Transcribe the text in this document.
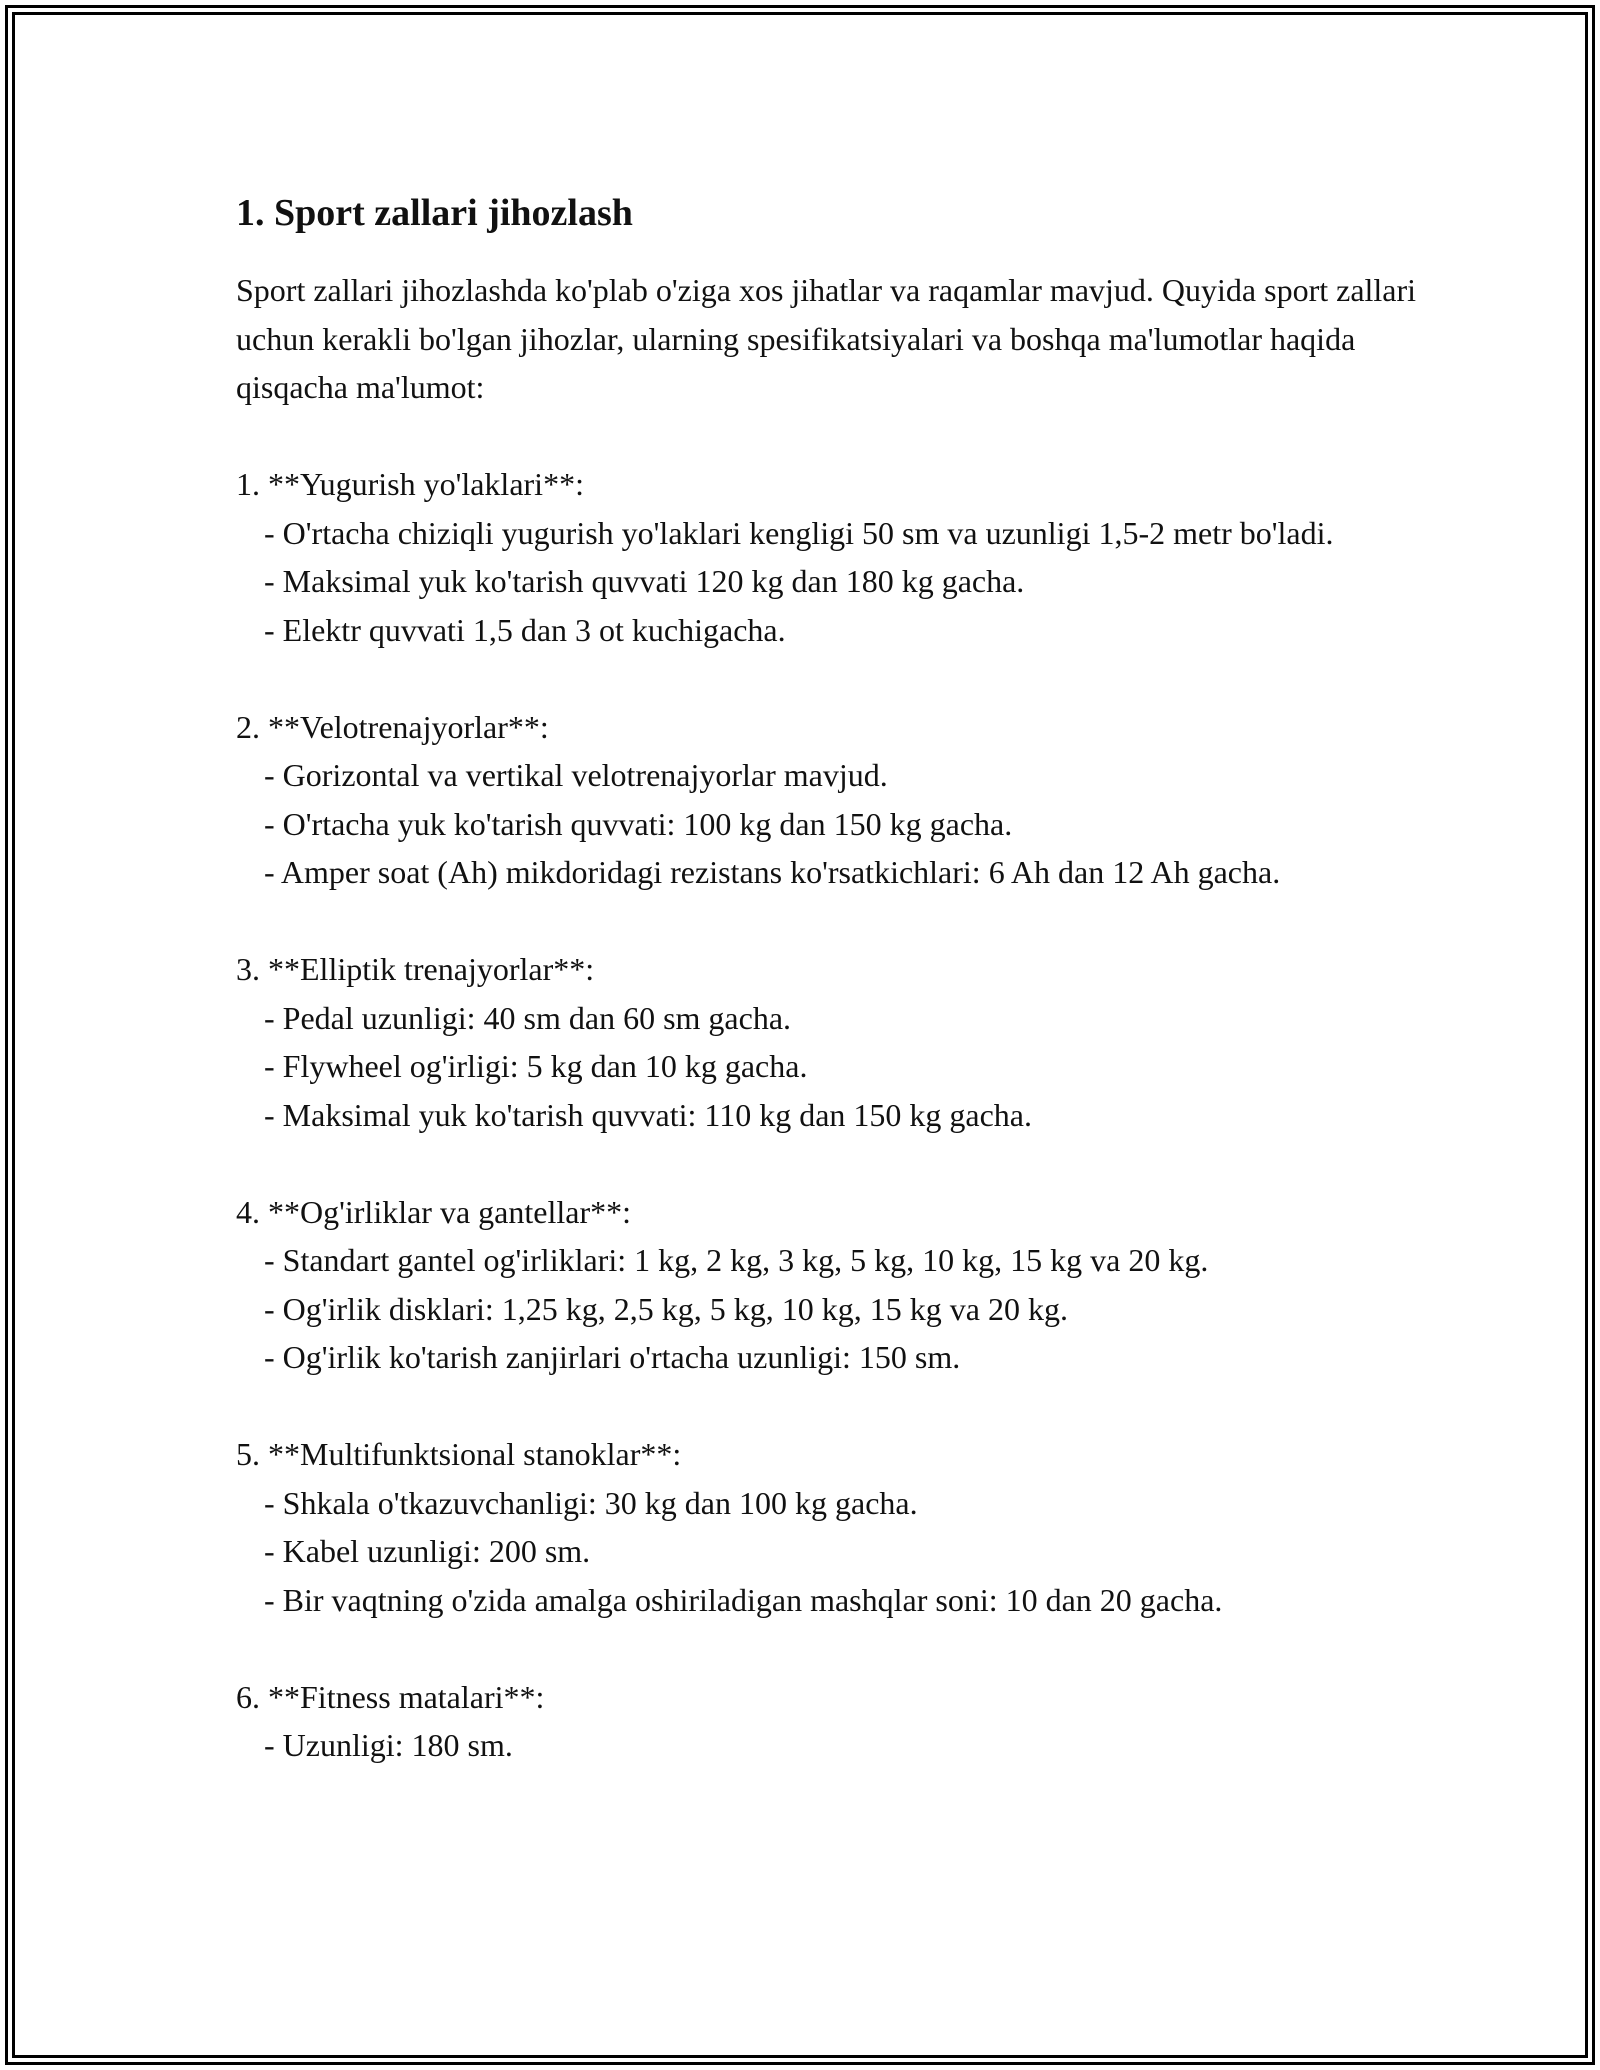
1. Sport zallari jihozlash

Sport zallari jihozlashda ko'plab o'ziga xos jihatlar va raqamlar mavjud. Quyida sport zallari uchun kerakli bo'lgan jihozlar, ularning spesifikatsiyalari va boshqa ma'lumotlar haqida qisqacha ma'lumot:

1. **Yugurish yo'laklari**:

- O'rtacha chiziqli yugurish yo'laklari kengligi 50 sm va uzunligi 1,5-2 metr bo'ladi.

- Maksimal yuk ko'tarish quvvati 120 kg dan 180 kg gacha.

- Elektr quvvati 1,5 dan 3 ot kuchigacha.

2. **Velotrenajyorlar**:

- Gorizontal va vertikal velotrenajyorlar mavjud.

- O'rtacha yuk ko'tarish quvvati: 100 kg dan 150 kg gacha.

- Amper soat (Ah) mikdoridagi rezistans ko'rsatkichlari: 6 Ah dan 12 Ah gacha.

3. **Elliptik trenajyorlar**:

- Pedal uzunligi: 40 sm dan 60 sm gacha.

- Flywheel og'irligi: 5 kg dan 10 kg gacha.

- Maksimal yuk ko'tarish quvvati: 110 kg dan 150 kg gacha.

4. **Og'irliklar va gantellar**:

- Standart gantel og'irliklari: 1 kg, 2 kg, 3 kg, 5 kg, 10 kg, 15 kg va 20 kg.

- Og'irlik disklari: 1,25 kg, 2,5 kg, 5 kg, 10 kg, 15 kg va 20 kg.

- Og'irlik ko'tarish zanjirlari o'rtacha uzunligi: 150 sm.

5. **Multifunktsional stanoklar**:

- Shkala o'tkazuvchanligi: 30 kg dan 100 kg gacha.

- Kabel uzunligi: 200 sm.

- Bir vaqtning o'zida amalga oshiriladigan mashqlar soni: 10 dan 20 gacha.

6. **Fitness matalari**:

- Uzunligi: 180 sm.
